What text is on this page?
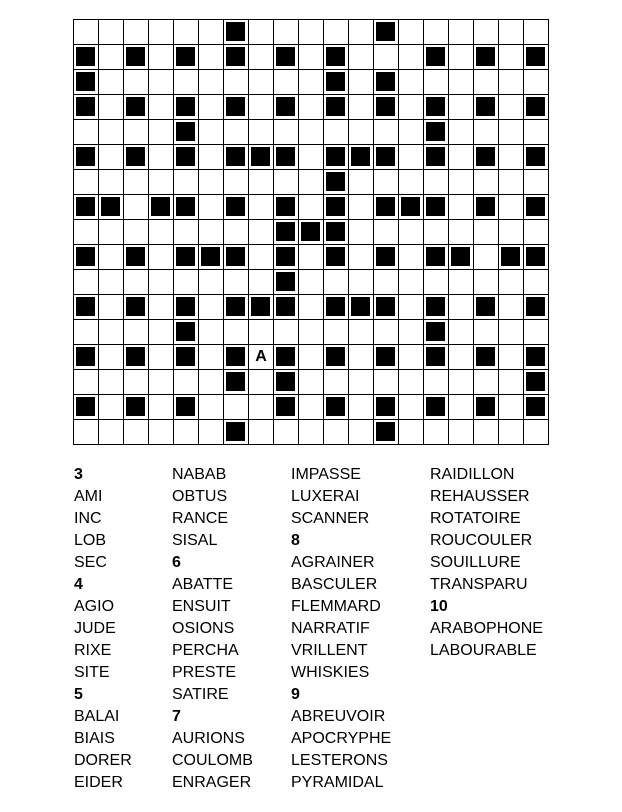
A
3
AMI
INC
LOB
SEC
4
AGIO
JUDE
RIXE
SITE
5
BALAI
BIAIS
DORER
EIDER
NABAB
OBTUS
RANCE
SISAL
6
ABATTE
ENSUIT
OSIONS
PERCHA
PRESTE
SATIRE
7
AURIONS
COULOMB
ENRAGER
IMPASSE
LUXERAI
SCANNER
8
AGRAINER
BASCULER
FLEMMARD
NARRATIF
VRILLENT
WHISKIES
9
ABREUVOIR
APOCRYPHE
LESTERONS
PYRAMIDAL
RAIDILLON
REHAUSSER
ROTATOIRE
ROUCOULER
SOUILLURE
TRANSPARU
10
ARABOPHONE
LABOURABLE
